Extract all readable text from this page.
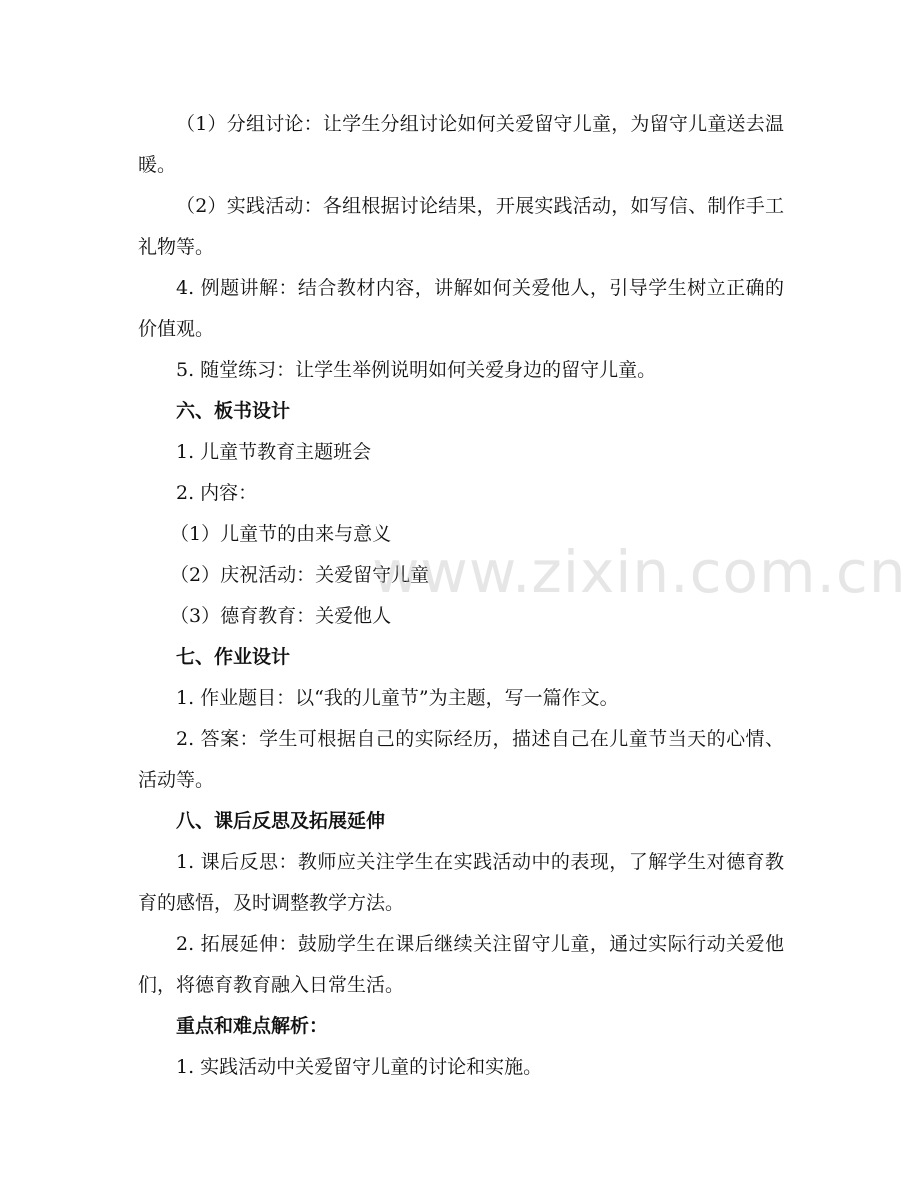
（1）分组讨论：让学生分组讨论如何关爱留守儿童，为留守儿童送去温暖。

（2）实践活动：各组根据讨论结果，开展实践活动，如写信、制作手工礼物等。

4. 例题讲解：结合教材内容，讲解如何关爱他人，引导学生树立正确的价值观。

5. 随堂练习：让学生举例说明如何关爱身边的留守儿童。

六、板书设计

1. 儿童节教育主题班会

2. 内容：

（1）儿童节的由来与意义

（2）庆祝活动：关爱留守儿童

（3）德育教育：关爱他人

七、作业设计

1. 作业题目：以“我的儿童节”为主题，写一篇作文。

2. 答案：学生可根据自己的实际经历，描述自己在儿童节当天的心情、活动等。

八、课后反思及拓展延伸

1. 课后反思：教师应关注学生在实践活动中的表现，了解学生对德育教育的感悟，及时调整教学方法。

2. 拓展延伸：鼓励学生在课后继续关注留守儿童，通过实际行动关爱他们，将德育教育融入日常生活。

重点和难点解析：

1. 实践活动中关爱留守儿童的讨论和实施。

www.zixin.com.cn
